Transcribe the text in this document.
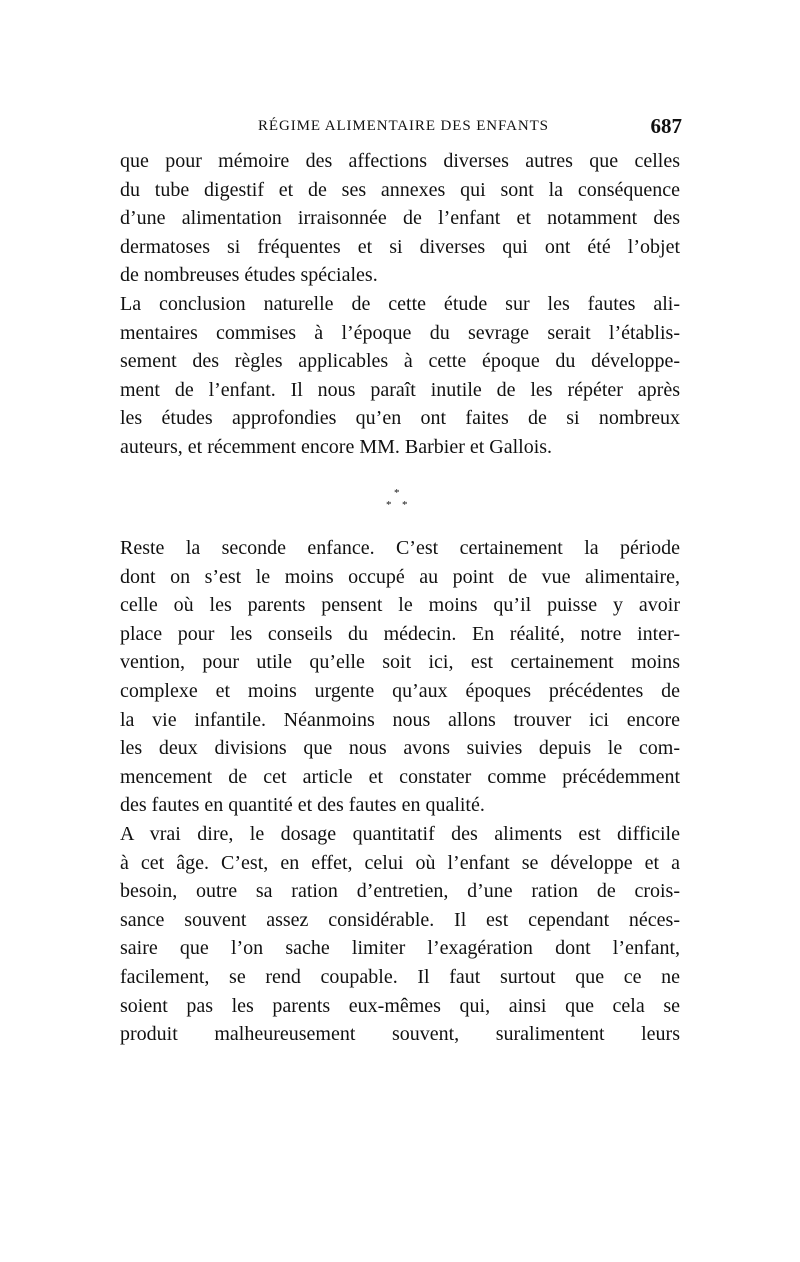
RÉGIME ALIMENTAIRE DES ENFANTS	687
que pour mémoire des affections diverses autres que celles
du tube digestif et de ses annexes qui sont la conséquence
d’une alimentation irraisonnée de l’enfant et notamment des
dermatoses si fréquentes et si diverses qui ont été l’objet
de nombreuses études spéciales.
La conclusion naturelle de cette étude sur les fautes ali-
mentaires commises à l’époque du sevrage serait l’établis-
sement des règles applicables à cette époque du développe-
ment de l’enfant. Il nous paraît inutile de les répéter après
les études approfondies qu’en ont faites de si nombreux
auteurs, et récemment encore MM. Barbier et Gallois.
*
* *
Reste la seconde enfance. C’est certainement la période
dont on s’est le moins occupé au point de vue alimentaire,
celle où les parents pensent le moins qu’il puisse y avoir
place pour les conseils du médecin. En réalité, notre inter-
vention, pour utile qu’elle soit ici, est certainement moins
complexe et moins urgente qu’aux époques précédentes de
la vie infantile. Néanmoins nous allons trouver ici encore
les deux divisions que nous avons suivies depuis le com-
mencement de cet article et constater comme précédemment
des fautes en quantité et des fautes en qualité.
A vrai dire, le dosage quantitatif des aliments est difficile
à cet âge. C’est, en effet, celui où l’enfant se développe et a
besoin, outre sa ration d’entretien, d’une ration de crois-
sance souvent assez considérable. Il est cependant néces-
saire que l’on sache limiter l’exagération dont l’enfant,
facilement, se rend coupable. Il faut surtout que ce ne
soient pas les parents eux-mêmes qui, ainsi que cela se
produit malheureusement souvent, suralimentent leurs
